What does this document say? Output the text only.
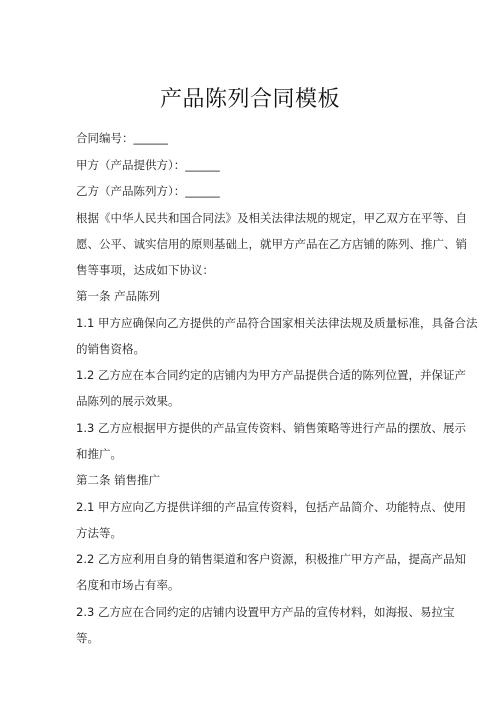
产品陈列合同模板
合同编号：______
甲方（产品提供方）：______
乙方（产品陈列方）：______
根据《中华人民共和国合同法》及相关法律法规的规定，甲乙双方在平等、自
愿、公平、诚实信用的原则基础上，就甲方产品在乙方店铺的陈列、推广、销
售等事项，达成如下协议：
第一条 产品陈列
1.1 甲方应确保向乙方提供的产品符合国家相关法律法规及质量标准，具备合法
的销售资格。
1.2 乙方应在本合同约定的店铺内为甲方产品提供合适的陈列位置，并保证产
品陈列的展示效果。
1.3 乙方应根据甲方提供的产品宣传资料、销售策略等进行产品的摆放、展示
和推广。
第二条 销售推广
2.1 甲方应向乙方提供详细的产品宣传资料，包括产品简介、功能特点、使用
方法等。
2.2 乙方应利用自身的销售渠道和客户资源，积极推广甲方产品，提高产品知
名度和市场占有率。
2.3 乙方应在合同约定的店铺内设置甲方产品的宣传材料，如海报、易拉宝
等。
